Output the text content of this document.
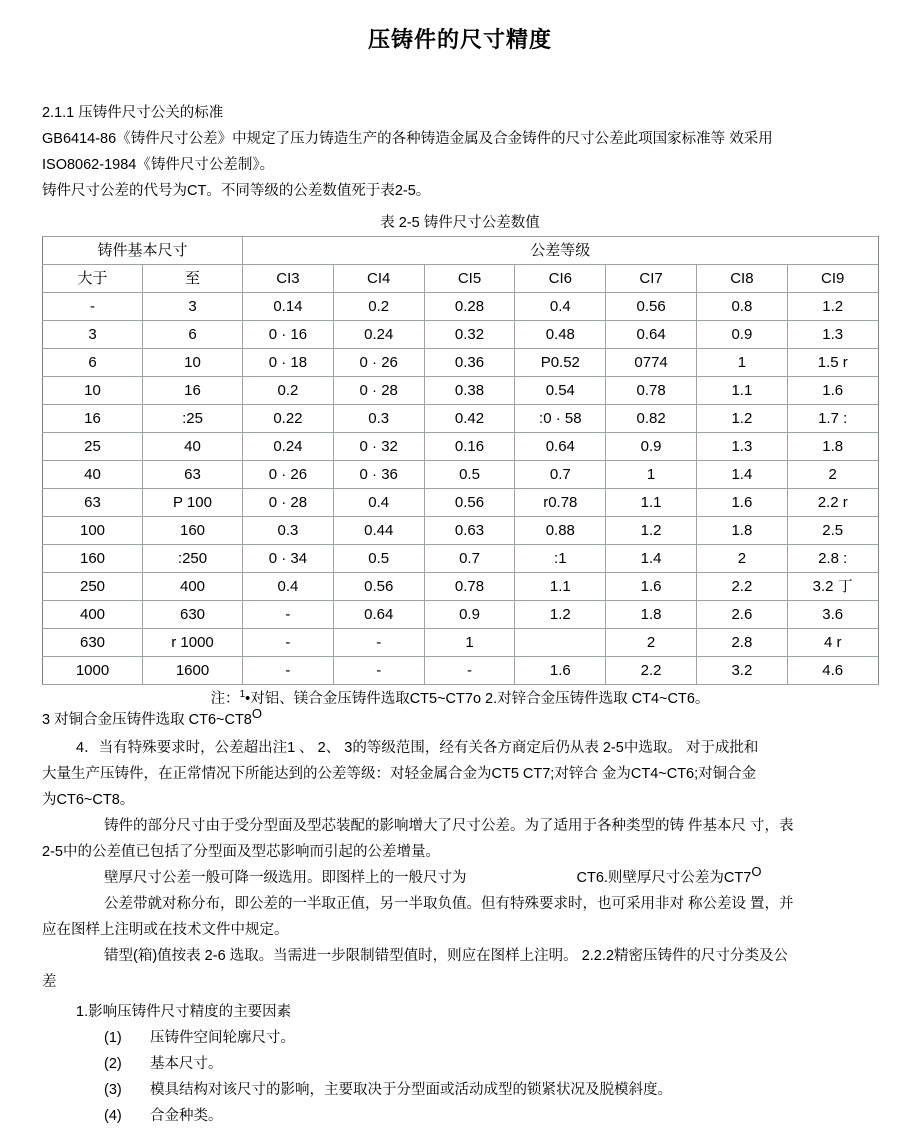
压铸件的尺寸精度

2.1.1 压铸件尺寸公关的标准

GB6414-86《铸件尺寸公差》中规定了压力铸造生产的各种铸造金属及合金铸件的尺寸公差此项国家标准等 效采用

ISO8062-1984《铸件尺寸公差制》。

铸件尺寸公差的代号为CT。不同等级的公差数值死于表2-5。

表 2-5 铸件尺寸公差数值

铸件基本尺寸		公差等级						
大于	至	CI3	CI4	CI5	CI6	CI7	CI8	CI9
-	3	0.14	0.2	0.28	0.4	0.56	0.8	1.2
3	6	0 · 16	0.24	0.32	0.48	0.64	0.9	1.3
6	10	0 · 18	0 · 26	0.36	P0.52	0774	1	1.5 r
10	16	0.2	0 · 28	0.38	0.54	0.78	1.1	1.6
16	:25	0.22	0.3	0.42	:0 · 58	0.82	1.2	1.7 :
25	40	0.24	0 · 32	0.16	0.64	0.9	1.3	1.8
40	63	0 · 26	0 · 36	0.5	0.7	1	1.4	2
63	P 100	0 · 28	0.4	0.56	r0.78	1.1	1.6	2.2 r
100	160	0.3	0.44	0.63	0.88	1.2	1.8	2.5
160	:250	0 · 34	0.5	0.7	:1	1.4	2	2.8 :
250	400	0.4	0.56	0.78	1.1	1.6	2.2	3.2 丁
400	630	-	0.64	0.9	1.2	1.8	2.6	3.6
630	r 1000	-	-	1		2	2.8	4 r
1000	1600	-	-	-	1.6	2.2	3.2	4.6

注：$^1$•对铝、镁合金压铸件选取CT5~CT7o 2.对锌合金压铸件选取 CT4~CT6。

3 对铜合金压铸件选取 CT6~CT8O

4．当有特殊要求时，公差超出注1 、 2、 3的等级范围，经有关各方商定后仍从表 2-5中选取。 对于成批和

大量生产压铸件，在正常情况下所能达到的公差等级：对轻金属合金为CT5 CT7;对锌合 金为CT4~CT6;对铜合金

为CT6~CT8。

铸件的部分尺寸由于受分型面及型芯装配的影响增大了尺寸公差。为了适用于各种类型的铸 件基本尺 寸，表

2-5中的公差值已包括了分型面及型芯影响而引起的公差增量。

壁厚尺寸公差一般可降一级选用。即图样上的一般尺寸为	CT6.则壁厚尺寸公差为CT7O

公差带就对称分布，即公差的一半取正值，另一半取负值。但有特殊要求时，也可采用非对 称公差设 置，并

应在图样上注明或在技术文件中规定。

错型(箱)值按表 2-6 选取。当需进一步限制错型值时，则应在图样上注明。 2.2.2精密压铸件的尺寸分类及公

差

1.影响压铸件尺寸精度的主要因素

(1) 压铸件空间轮廓尺寸。

(2) 基本尺寸。

(3) 模具结构对该尺寸的影响，主要取决于分型面或活动成型的锁紧状况及脱模斜度。

(4) 合金种类。
